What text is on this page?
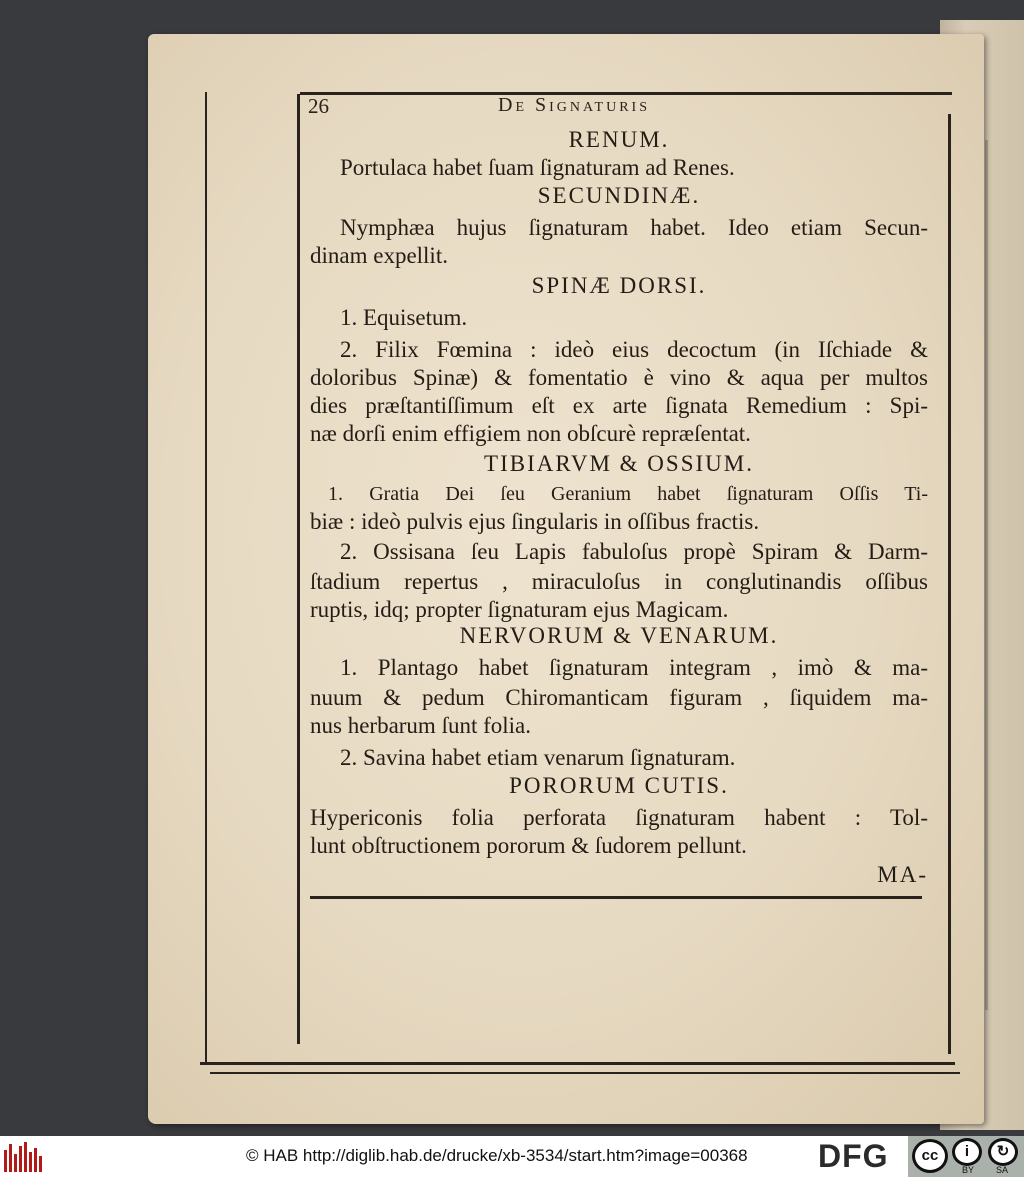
26	De Signaturis
RENUM.
Portulaca habet ſuam ſignaturam ad Renes.
SECUNDINÆ.
Nymphæa hujus ſignaturam habet. Ideo etiam Secun-
dinam expellit.
SPINÆ DORSI.
1. Equisetum.
2. Filix Fœmina : ideò eius decoctum (in Iſchiade &
doloribus Spinæ) & fomentatio è vino & aqua per multos
dies præſtantiſſimum eſt ex arte ſignata Remedium : Spi-
næ dorſi enim effigiem non obſcurè repræſentat.
TIBIARVM & OSSIUM.
1. Gratia Dei ſeu Geranium habet ſignaturam Oſſis Ti-
biæ : ideò pulvis ejus ſingularis in oſſibus fractis.
2. Ossisana ſeu Lapis fabuloſus propè Spiram & Darm-
ſtadium repertus , miraculoſus in conglutinandis oſſibus
ruptis, idq; propter ſignaturam ejus Magicam.
NERVORUM & VENARUM.
1. Plantago habet ſignaturam integram , imò & ma-
nuum & pedum Chiromanticam figuram , ſiquidem ma-
nus herbarum ſunt folia.
2. Savina habet etiam venarum ſignaturam.
PORORUM CUTIS.
Hypericonis folia perforata ſignaturam habent : Tol-
lunt obſtructionem pororum & ſudorem pellunt.
MA-
© HAB http://diglib.hab.de/drucke/xb-3534/start.htm?image=00368 DFG	cc	i	↻
BY SA
